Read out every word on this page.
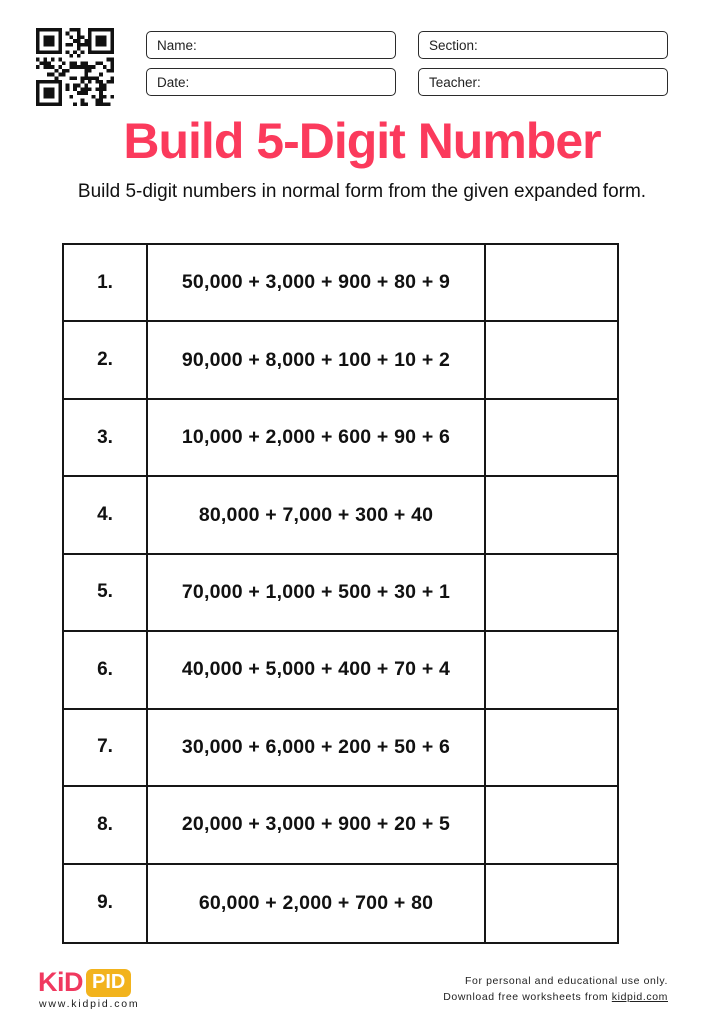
Name:	Section:
Date:	Teacher:
Build 5-Digit Number

Build 5-digit numbers in normal form from the given expanded form.

1.	50,000 + 3,000 + 900 + 80 + 9
2.	90,000 + 8,000 + 100 + 10 + 2
3.	10,000 + 2,000 + 600 + 90 + 6
4.	80,000 + 7,000 + 300 + 40
5.	70,000 + 1,000 + 500 + 30 + 1
6.	40,000 + 5,000 + 400 + 70 + 4
7.	30,000 + 6,000 + 200 + 50 + 6
8.	20,000 + 3,000 + 900 + 20 + 5
9.	60,000 + 2,000 + 700 + 80
KiD PID
www.kidpid.com
For personal and educational use only.
Download free worksheets from kidpid.com
